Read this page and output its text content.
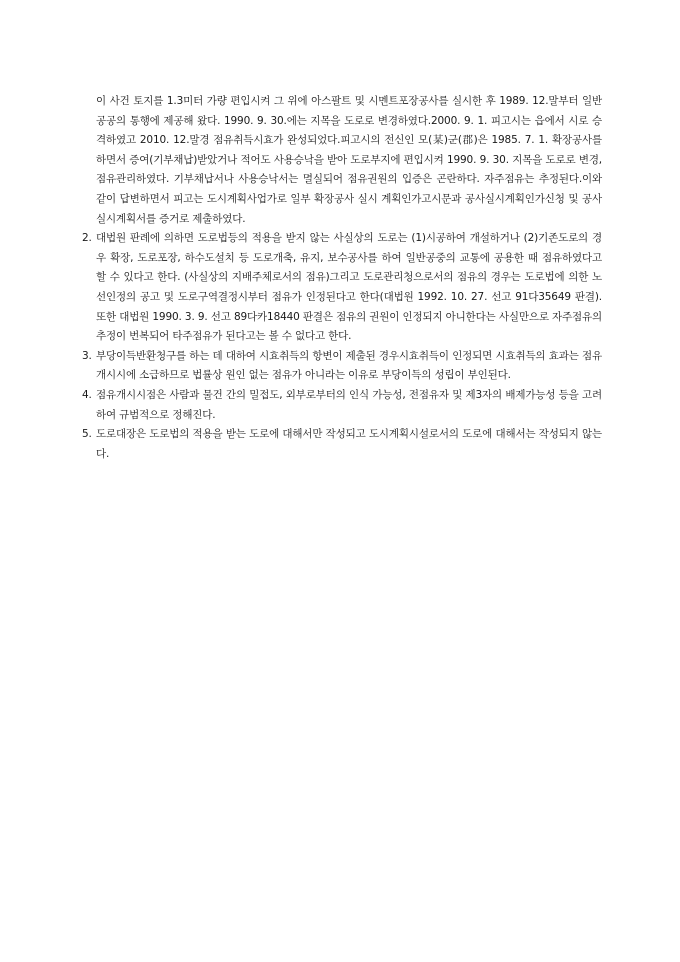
이 사건 토지를 1.3미터 가량 편입시켜 그 위에 아스팔트 및 시멘트포장공사를 실시한 후 1989. 12.말부터 일반공공의 통행에 제공해 왔다. 1990. 9. 30.에는 지목을 도로로 변경하였다.2000. 9. 1. 피고시는 읍에서 시로 승격하였고 2010. 12.말경 점유취득시효가 완성되었다.피고시의 전신인 모(某)군(郡)은 1985. 7. 1. 확장공사를 하면서 증여(기부채납)받았거나 적어도 사용승낙을 받아 도로부지에 편입시켜 1990. 9. 30. 지목을 도로로 변경, 점유관리하였다. 기부채납서나 사용승낙서는 멸실되어 점유권원의 입증은 곤란하다. 자주점유는 추정된다.이와 같이 답변하면서 피고는 도시계획사업가로 일부 확장공사 실시 계획인가고시문과 공사실시계획인가신청 및 공사실시계획서를 증거로 제출하였다.

2. 대법원 판례에 의하면 도로법등의 적용을 받지 않는 사실상의 도로는 (1)시공하여 개설하거나 (2)기존도로의 경우 확장, 도로포장, 하수도설치 등 도로개축, 유지, 보수공사를 하여 일반공중의 교통에 공용한 때 점유하였다고 할 수 있다고 한다. (사실상의 지배주체로서의 점유)그리고 도로관리청으로서의 점유의 경우는 도로법에 의한 노선인정의 공고 및 도로구역결정시부터 점유가 인정된다고 한다(대법원 1992. 10. 27. 선고 91다35649 판결).또한 대법원 1990. 3. 9. 선고 89다카18440 판결은 점유의 권원이 인정되지 아니한다는 사실만으로 자주점유의 추정이 번복되어 타주점유가 된다고는 볼 수 없다고 한다.
3. 부당이득반환청구를 하는 데 대하여 시효취득의 항변이 제출된 경우시효취득이 인정되면 시효취득의 효과는 점유개시시에 소급하므로 법률상 원인 없는 점유가 아니라는 이유로 부당이득의 성립이 부인된다.
4. 점유개시시점은 사람과 물건 간의 밀접도, 외부로부터의 인식 가능성, 전점유자 및 제3자의 배제가능성 등을 고려하여 규범적으로 정해진다.
5. 도로대장은 도로법의 적용을 받는 도로에 대해서만 작성되고 도시계획시설로서의 도로에 대해서는 작성되지 않는다.
